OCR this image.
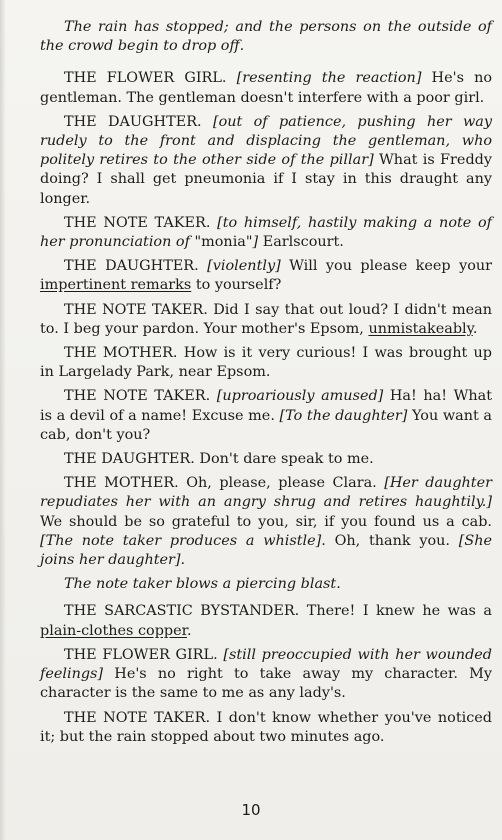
The rain has stopped; and the persons on the outside of the crowd begin to drop off.

THE FLOWER GIRL. [resenting the reaction] He's no gentleman. The gentleman doesn't interfere with a poor girl.

THE DAUGHTER. [out of patience, pushing her way rudely to the front and displacing the gentleman, who politely retires to the other side of the pillar] What is Freddy doing? I shall get pneumonia if I stay in this draught any longer.

THE NOTE TAKER. [to himself, hastily making a note of her pronunciation of "monia"] Earlscourt.

THE DAUGHTER. [violently] Will you please keep your impertinent remarks to yourself?

THE NOTE TAKER. Did I say that out loud? I didn't mean to. I beg your pardon. Your mother's Epsom, unmistakeably.

THE MOTHER. How is it very curious! I was brought up in Largelady Park, near Epsom.

THE NOTE TAKER. [uproariously amused] Ha! ha! What is a devil of a name! Excuse me. [To the daughter] You want a cab, don't you?

THE DAUGHTER. Don't dare speak to me.

THE MOTHER. Oh, please, please Clara. [Her daughter repudiates her with an angry shrug and retires haughtily.] We should be so grateful to you, sir, if you found us a cab. [The note taker produces a whistle]. Oh, thank you. [She joins her daughter].

The note taker blows a piercing blast.

THE SARCASTIC BYSTANDER. There! I knew he was a plain-clothes copper.

THE FLOWER GIRL. [still preoccupied with her wounded feelings] He's no right to take away my character. My character is the same to me as any lady's.

THE NOTE TAKER. I don't know whether you've noticed it; but the rain stopped about two minutes ago.

10
